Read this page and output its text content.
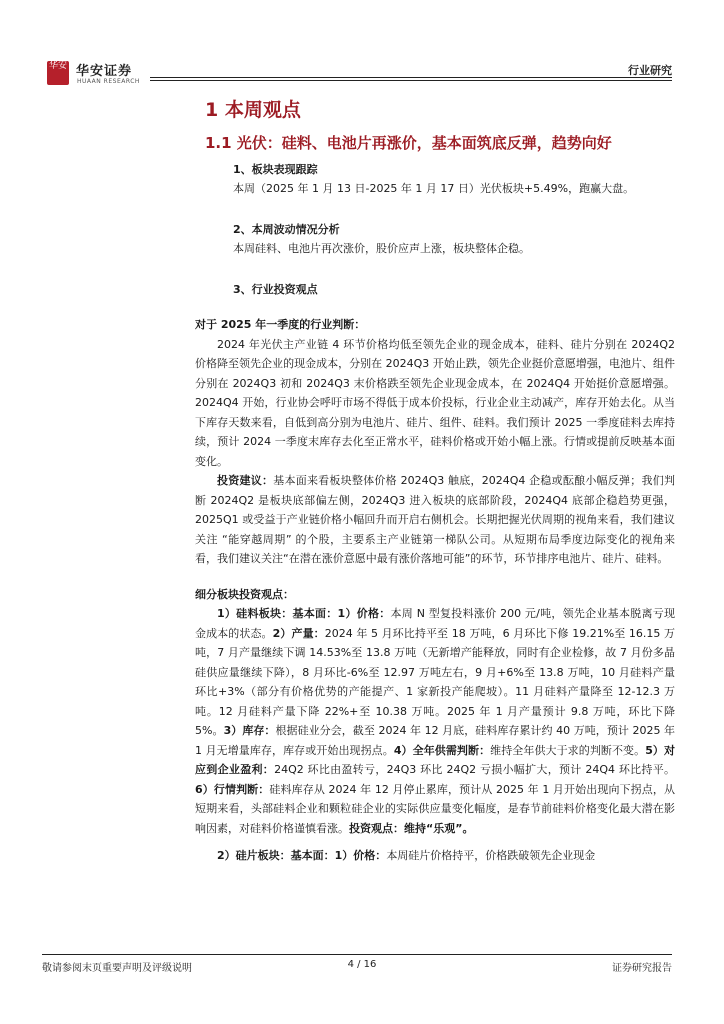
华安 华安证券
HUAAN RESEARCH
行业研究
1 本周观点
1.1 光伏：硅料、电池片再涨价，基本面筑底反弹，趋势向好
1、板块表现跟踪
本周（2025 年 1 月 13 日-2025 年 1 月 17 日）光伏板块+5.49%，跑赢大盘。
2、本周波动情况分析
本周硅料、电池片再次涨价，股价应声上涨，板块整体企稳。
3、行业投资观点
对于 2025 年一季度的行业判断：

2024 年光伏主产业链 4 环节价格均低至领先企业的现金成本，硅料、硅片分别在 2024Q2 价格降至领先企业的现金成本，分别在 2024Q3 开始止跌，领先企业挺价意愿增强，电池片、组件分别在 2024Q3 初和 2024Q3 末价格跌至领先企业现金成本，在 2024Q4 开始挺价意愿增强。2024Q4 开始，行业协会呼吁市场不得低于成本价投标，行业企业主动减产，库存开始去化。从当下库存天数来看，自低到高分别为电池片、硅片、组件、硅料。我们预计 2025 一季度硅料去库持续，预计 2024 一季度末库存去化至正常水平，硅料价格或开始小幅上涨。行情或提前反映基本面变化。

投资建议：基本面来看板块整体价格 2024Q3 触底，2024Q4 企稳或酝酿小幅反弹；我们判断 2024Q2 是板块底部偏左侧，2024Q3 进入板块的底部阶段，2024Q4 底部企稳趋势更强，2025Q1 或受益于产业链价格小幅回升而开启右侧机会。长期把握光伏周期的视角来看，我们建议关注 “能穿越周期” 的个股，主要系主产业链第一梯队公司。从短期布局季度边际变化的视角来看，我们建议关注“在潜在涨价意愿中最有涨价落地可能”的环节，环节排序电池片、硅片、硅料。

细分板块投资观点：

1）硅料板块：基本面：1）价格：本周 N 型复投料涨价 200 元/吨，领先企业基本脱离亏现金成本的状态。2）产量：2024 年 5 月环比持平至 18 万吨，6 月环比下修 19.21%至 16.15 万吨，7 月产量继续下调 14.53%至 13.8 万吨（无新增产能释放，同时有企业检修，故 7 月份多晶硅供应量继续下降），8 月环比-6%至 12.97 万吨左右，9 月+6%至 13.8 万吨，10 月硅料产量环比+3%（部分有价格优势的产能提产、1 家新投产能爬坡）。11 月硅料产量降至 12-12.3 万吨。12 月硅料产量下降 22%+至 10.38 万吨。2025 年 1 月产量预计 9.8 万吨，环比下降 5%。3）库存：根据硅业分会，截至 2024 年 12 月底，硅料库存累计约 40 万吨，预计 2025 年 1 月无增量库存，库存或开始出现拐点。4）全年供需判断：维持全年供大于求的判断不变。5）对应到企业盈利：24Q2 环比由盈转亏，24Q3 环比 24Q2 亏损小幅扩大，预计 24Q4 环比持平。6）行情判断：硅料库存从 2024 年 12 月停止累库，预计从 2025 年 1 月开始出现向下拐点，从短期来看，头部硅料企业和颗粒硅企业的实际供应量变化幅度，是春节前硅料价格变化最大潜在影响因素，对硅料价格谨慎看涨。投资观点：维持“乐观”。

2）硅片板块：基本面：1）价格：本周硅片价格持平，价格跌破领先企业现金

敬请参阅末页重要声明及评级说明	4 / 16	证券研究报告
